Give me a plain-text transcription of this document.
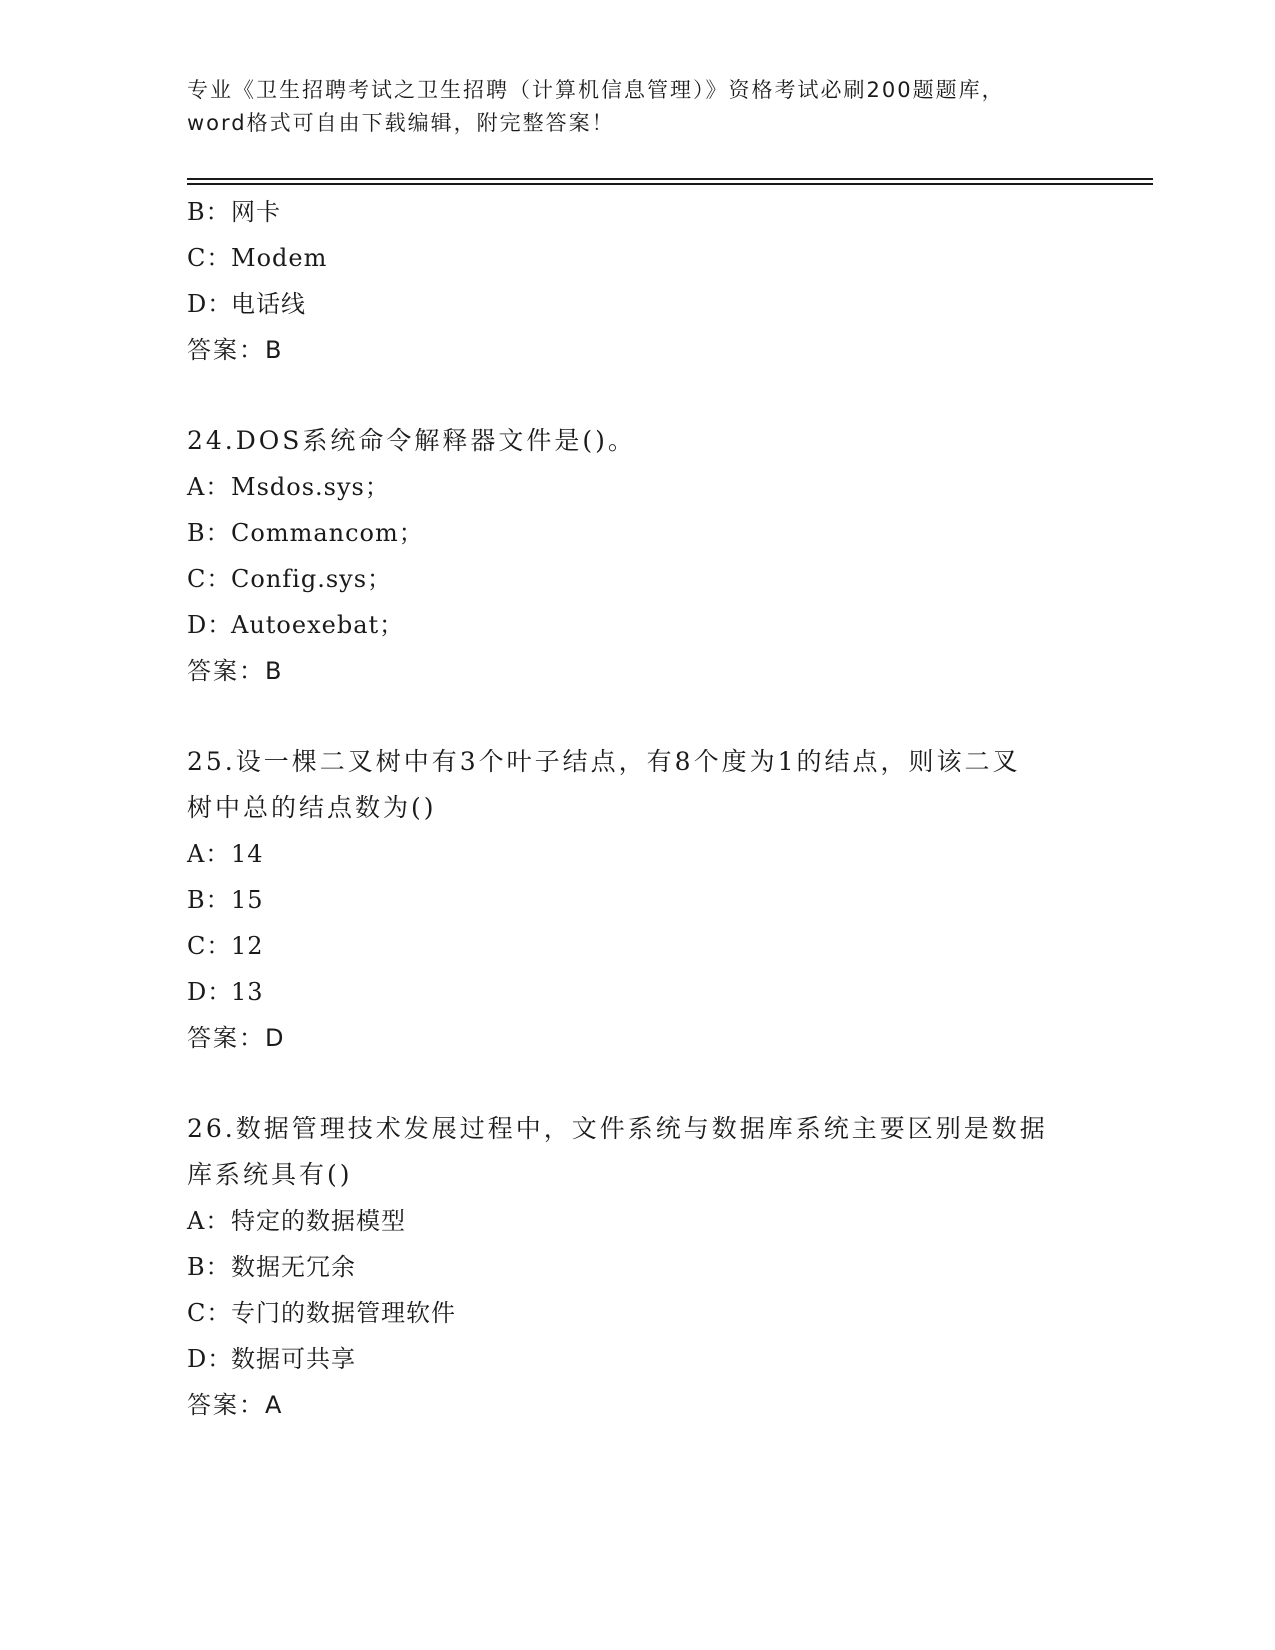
专业《卫生招聘考试之卫生招聘（计算机信息管理）》资格考试必刷200题题库，
word格式可自由下载编辑，附完整答案！
B：网卡
C：Modem
D：电话线
答案：B
24.DOS系统命令解释器文件是()。
A：Msdos.sys；
B：Commancom；
C：Config.sys；
D：Autoexebat；
答案：B
25.设一棵二叉树中有3个叶子结点，有8个度为1的结点，则该二叉
树中总的结点数为()
A：14
B：15
C：12
D：13
答案：D
26.数据管理技术发展过程中，文件系统与数据库系统主要区别是数据
库系统具有()
A：特定的数据模型
B：数据无冗余
C：专门的数据管理软件
D：数据可共享
答案：A
